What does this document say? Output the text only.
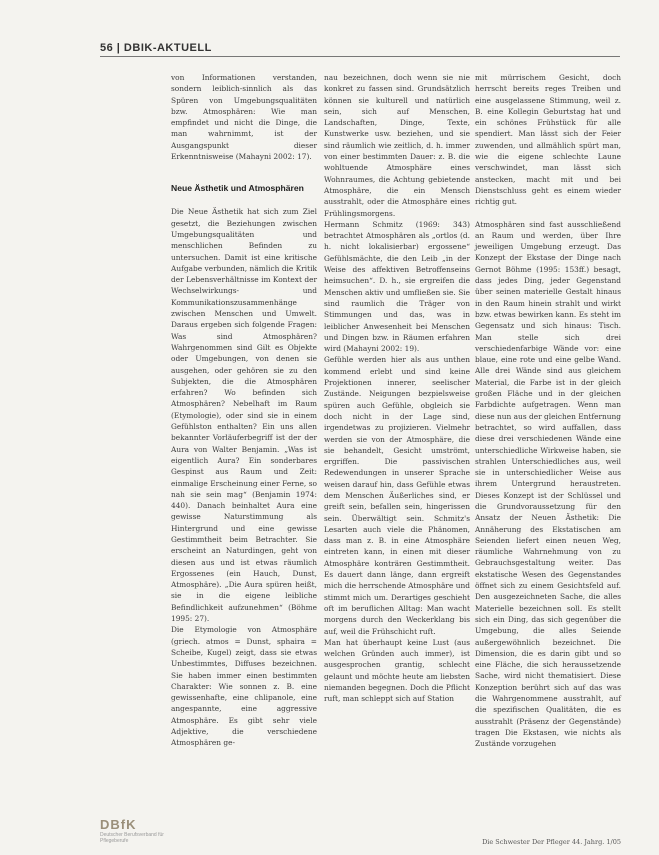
56 | DBIK-AKTUELL

von Informationen verstanden, sondern leiblich-sinnlich als das Spüren von Umgebungsqualitäten bzw. Atmosphären: Wie man empfindet und nicht die Dinge, die man wahrnimmt, ist der Ausgangspunkt dieser Erkenntnisweise (Mahayni 2002: 17).

Neue Ästhetik und Atmosphären

Die Neue Ästhetik hat sich zum Ziel gesetzt, die Beziehungen zwischen Umgebungsqualitäten und menschlichen Befinden zu untersuchen. Damit ist eine kritische Aufgabe verbunden, nämlich die Kritik der Lebensverhältnisse im Kontext der Wechselwirkungs- und Kommunikationszusammenhänge zwischen Menschen und Umwelt. Daraus ergeben sich folgende Fragen: Was sind Atmosphären? Wahrgenommen sind Gilt es Objekte oder Umgebungen, von denen sie ausgehen, oder gehören sie zu den Subjekten, die die Atmosphären erfahren? Wo befinden sich Atmosphären? Nebelhaft im Raum (Etymologie), oder sind sie in einem Gefühlston enthalten? Ein uns allen bekannter Vorläuferbegriff ist der der Aura von Walter Benjamin. „Was ist eigentlich Aura? Ein sonderbares Gespinst aus Raum und Zeit: einmalige Erscheinung einer Ferne, so nah sie sein mag“ (Benjamin 1974: 440). Danach beinhaltet Aura eine gewisse Naturstimmung als Hintergrund und eine gewisse Gestimmtheit beim Betrachter. Sie erscheint an Naturdingen, geht von diesen aus und ist etwas räumlich Ergossenes (ein Hauch, Dunst, Atmosphäre). „Die Aura spüren heißt, sie in die eigene leibliche Befindlichkeit aufzunehmen“ (Böhme 1995: 27).

Die Etymologie von Atmosphäre (griech. atmos = Dunst, sphaira = Scheibe, Kugel) zeigt, dass sie etwas Unbestimmtes, Diffuses bezeichnen. Sie haben immer einen bestimmten Charakter: Wie sonnen z. B. eine gewissenhafte, eine chlipanole, eine angespannte, eine aggressive Atmosphäre. Es gibt sehr viele Adjektive, die verschiedene Atmosphären ge-

nau bezeichnen, doch wenn sie nie konkret zu fassen sind. Grundsätzlich können sie kulturell und natürlich sein, sich auf Menschen, Landschaften, Dinge, Texte, Kunstwerke usw. beziehen, und sie sind räumlich wie zeitlich, d. h. immer von einer bestimmten Dauer: z. B. die wohltuende Atmosphäre eines Wohnraumes, die Achtung gebietende Atmosphäre, die ein Mensch ausstrahlt, oder die Atmosphäre eines Frühlingsmorgens.

Hermann Schmitz (1969: 343) betrachtet Atmosphären als „ortlos (d. h. nicht lokalisierbar) ergossene“ Gefühlsmächte, die den Leib „in der Weise des affektiven Betroffenseins heimsuchen“. D. h., sie ergreifen die Menschen aktiv und umfließen sie. Sie sind raumlich die Träger von Stimmungen und das, was in leiblicher Anwesenheit bei Menschen und Dingen bzw. in Räumen erfahren wird (Mahayni 2002: 19).

Gefühle werden hier als aus unthen kommend erlebt und sind keine Projektionen innerer, seelischer Zustände. Neigungen bezpielsweise spüren auch Gefühle, obgleich sie doch nicht in der Lage sind, irgendetwas zu projizieren. Vielmehr werden sie von der Atmosphäre, die sie behandelt, Gesicht umströmt, ergriffen. Die passivischen Redewendungen in unserer Sprache weisen darauf hin, dass Gefühle etwas dem Menschen Äußerliches sind, er greift sein, befallen sein, hingerissen sein. Überwältigt sein. Schmitz's Lesarten auch viele die Phänomen, dass man z. B. in eine Atmosphäre eintreten kann, in einen mit dieser Atmosphäre konträren Gestimmtheit. Es dauert dann länge, dann ergreift mich die herrschende Atmosphäre und stimmt mich um. Derartiges geschieht oft im beruflichen Alltag: Man wacht morgens durch den Weckerklang bis auf, weil die Frühschicht ruft.

Man hat überhaupt keine Lust (aus welchen Gründen auch immer), ist ausgesprochen grantig, schlecht gelaunt und möchte heute am liebsten niemanden begegnen. Doch die Pflicht ruft, man schleppt sich auf Station

mit mürrischem Gesicht, doch herrscht bereits reges Treiben und eine ausgelassene Stimmung, weil z. B. eine Kollegin Geburtstag hat und ein schönes Frühstück für alle spendiert. Man lässt sich der Feier zuwenden, und allmählich spürt man, wie die eigene schlechte Laune verschwindet, man lässt sich anstecken, macht mit und bei Dienstschluss geht es einem wieder richtig gut.

Atmosphären sind fast ausschließend an Raum und werden, über Ihre jeweiligen Umgebung erzeugt. Das Konzept der Ekstase der Dinge nach Gernot Böhme (1995: 153ff.) besagt, dass jedes Ding, jeder Gegenstand über seinen materielle Gestalt hinaus in den Raum hinein strahlt und wirkt bzw. etwas bewirken kann. Es steht im Gegensatz und sich hinaus: Tisch. Man stelle sich drei verschiedenfarbige Wände vor: eine blaue, eine rote und eine gelbe Wand. Alle drei Wände sind aus gleichem Material, die Farbe ist in der gleich großen Fläche und in der gleichen Farbdichte aufgetragen. Wenn man diese nun aus der gleichen Entfernung betrachtet, so wird auffallen, dass diese drei verschiedenen Wände eine unterschiedliche Wirkweise haben, sie strahlen Unterschiedliches aus, weil sie in unterschiedlicher Weise aus ihrem Untergrund heraustreten. Dieses Konzept ist der Schlüssel und die Grundvoraussetzung für den Ansatz der Neuen Ästhetik: Die Annäherung des Ekstatischen am Seienden liefert einen neuen Weg, räumliche Wahrnehmung von zu Gebrauchsgestaltung weiter. Das ekstatische Wesen des Gegenstandes öffnet sich zu einem Gesichtsfeld auf. Den ausgezeichneten Sache, die alles Materielle bezeichnen soll. Es stellt sich ein Ding, das sich gegenüber die Umgebung, die alles Seiende außergewöhnlich bezeichnet. Die Dimension, die es darin gibt und so eine Fläche, die sich heraussetzende Sache, wird nicht thematisiert. Diese Konzeption berührt sich auf das was die Wahrgenommene ausstrahlt, auf die spezifischen Qualitäten, die es ausstrahlt (Präsenz der Gegenstände) tragen Die Ekstasen, wie nichts als Zustände vorzugehen

DBfK
Deutscher Berufsverband für Pflegeberufe	Die Schwester Der Pfleger 44. Jahrg. 1/05
